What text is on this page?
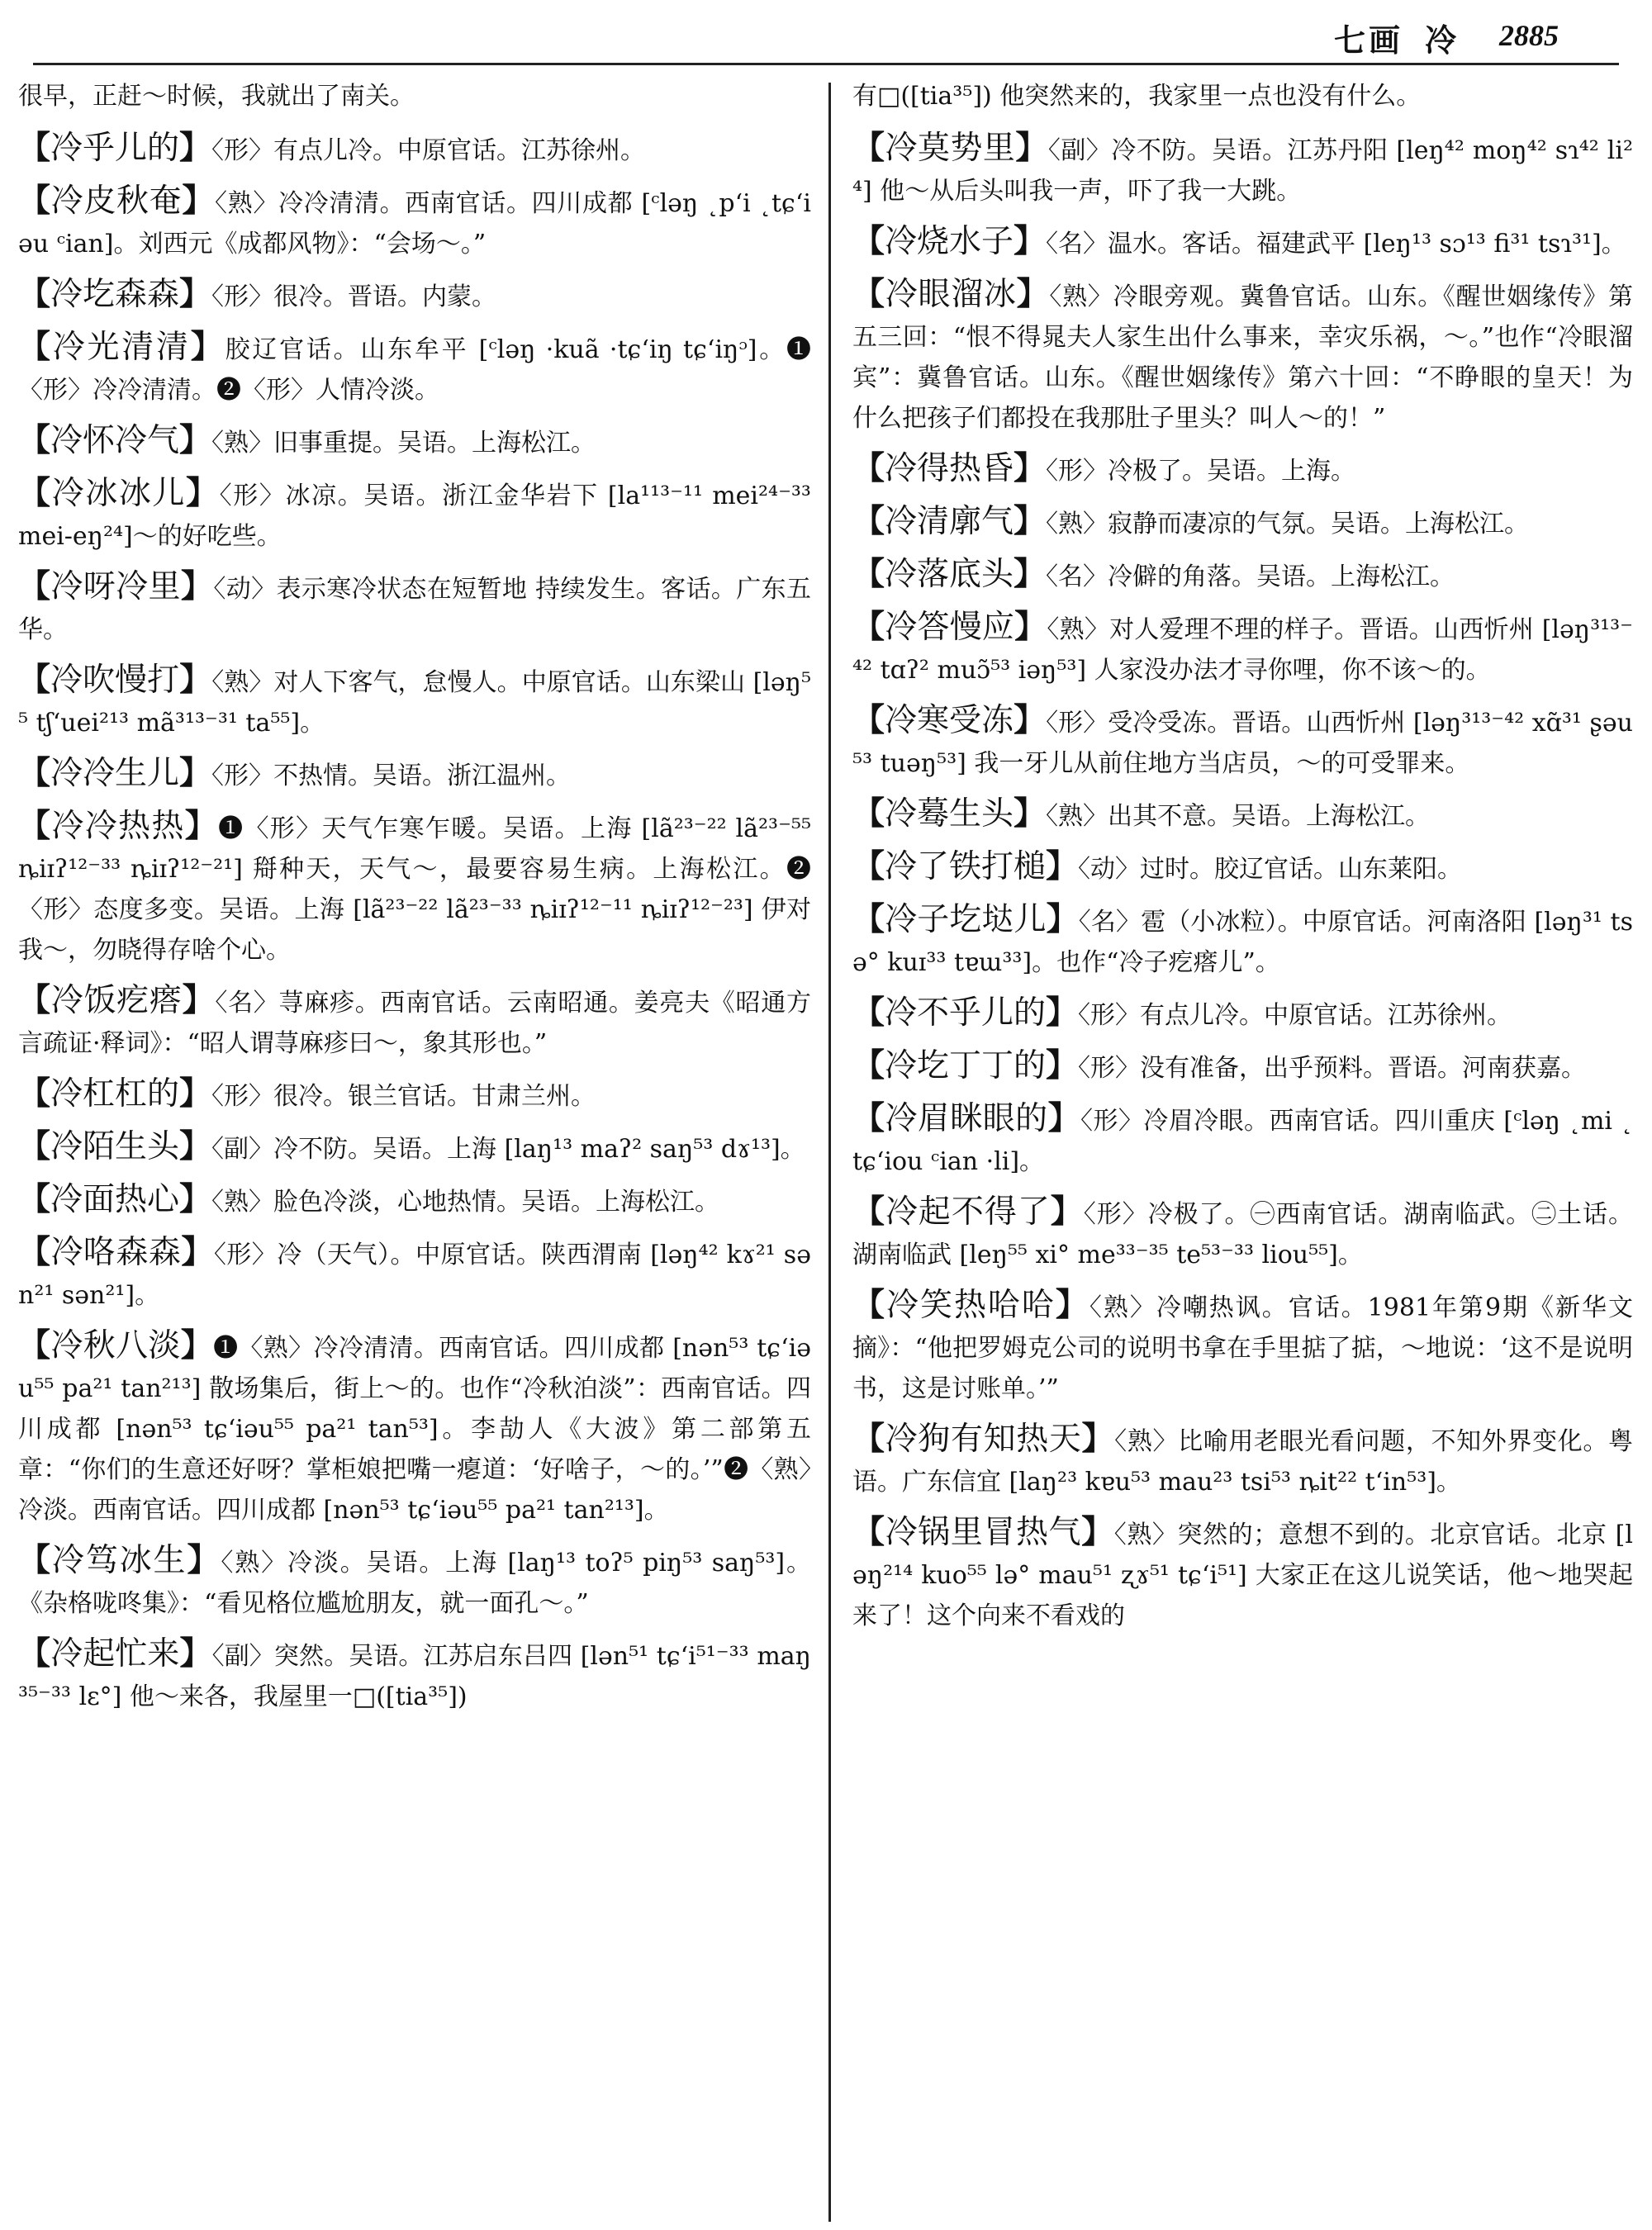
七画 冷 2885

很早，正赶～时候，我就出了南关。

【冷乎儿的】〈形〉有点儿冷。中原官话。江苏徐州。

【冷皮秋奄】〈熟〉冷冷清清。西南官话。四川成都 [ᶜləŋ ˛pʻi ˛tɕʻiəu ᶜian]。刘西元《成都风物》：“会场～。”

【冷圪森森】〈形〉很冷。晋语。内蒙。

【冷光清清】胶辽官话。山东牟平 [ᶜləŋ ·kuã ·tɕʻiŋ tɕʻiŋᵓ]。❶〈形〉冷冷清清。❷〈形〉人情冷淡。

【冷怀冷气】〈熟〉旧事重提。吴语。上海松江。

【冷冰冰儿】〈形〉冰凉。吴语。浙江金华岩下 [la¹¹³⁻¹¹ mei²⁴⁻³³ mei-eŋ²⁴]～的好吃些。

【冷呀冷里】〈动〉表示寒冷状态在短暂地 持续发生。客话。广东五华。

【冷吹慢打】〈熟〉对人下客气，怠慢人。中原官话。山东梁山 [ləŋ⁵⁵ tʃʻuei²¹³ mã³¹³⁻³¹ ta⁵⁵]。

【冷冷生儿】〈形〉不热情。吴语。浙江温州。

【冷冷热热】❶〈形〉天气乍寒乍暖。吴语。上海 [lã²³⁻²² lã²³⁻⁵⁵ ȵiɪʔ¹²⁻³³ ȵiɪʔ¹²⁻²¹] 搿种天，天气～，最要容易生病。上海松江。❷〈形〉态度多变。吴语。上海 [lã²³⁻²² lã²³⁻³³ ȵiɪʔ¹²⁻¹¹ ȵiɪʔ¹²⁻²³] 伊对我～，勿晓得存啥个心。

【冷饭疙瘩】〈名〉荨麻疹。西南官话。云南昭通。姜亮夫《昭通方言疏证·释词》：“昭人谓荨麻疹曰～，象其形也。”

【冷杠杠的】〈形〉很冷。银兰官话。甘肃兰州。

【冷陌生头】〈副〉冷不防。吴语。上海 [laŋ¹³ maʔ² saŋ⁵³ dɤ¹³]。

【冷面热心】〈熟〉脸色冷淡，心地热情。吴语。上海松江。

【冷咯森森】〈形〉冷（天气）。中原官话。陕西渭南 [ləŋ⁴² kɤ²¹ sən²¹ sən²¹]。

【冷秋八淡】❶〈熟〉冷冷清清。西南官话。四川成都 [nən⁵³ tɕʻiəu⁵⁵ pa²¹ tan²¹³] 散场集后，街上～的。也作“冷秋泊淡”：西南官话。四川成都 [nən⁵³ tɕʻiəu⁵⁵ pa²¹ tan⁵³]。李劼人《大波》第二部第五章：“你们的生意还好呀？掌柜娘把嘴一瘪道：‘好啥子，～的。’”❷〈熟〉冷淡。西南官话。四川成都 [nən⁵³ tɕʻiəu⁵⁵ pa²¹ tan²¹³]。

【冷笃冰生】〈熟〉冷淡。吴语。上海 [laŋ¹³ toʔ⁵ piŋ⁵³ saŋ⁵³]。《杂格咙咚集》：“看见格位尴尬朋友，就一面孔～。”

【冷起忙来】〈副〉突然。吴语。江苏启东吕四 [lən⁵¹ tɕʻi⁵¹⁻³³ maŋ³⁵⁻³³ lɛ°] 他～来各，我屋里一□([tia³⁵])

有□([tia³⁵]) 他突然来的，我家里一点也没有什么。

【冷莫势里】〈副〉冷不防。吴语。江苏丹阳 [leŋ⁴² moŋ⁴² sɿ⁴² li²⁴] 他～从后头叫我一声，吓了我一大跳。

【冷烧水子】〈名〉温水。客话。福建武平 [leŋ¹³ sɔ¹³ fi³¹ tsɿ³¹]。

【冷眼溜冰】〈熟〉冷眼旁观。冀鲁官话。山东。《醒世姻缘传》第五三回：“恨不得晁夫人家生出什么事来，幸灾乐祸，～。”也作“冷眼溜宾”：冀鲁官话。山东。《醒世姻缘传》第六十回：“不睁眼的皇天！为什么把孩子们都投在我那肚子里头？叫人～的！”

【冷得热昏】〈形〉冷极了。吴语。上海。

【冷清廓气】〈熟〉寂静而凄凉的气氛。吴语。上海松江。

【冷落底头】〈名〉冷僻的角落。吴语。上海松江。

【冷答慢应】〈熟〉对人爱理不理的样子。晋语。山西忻州 [ləŋ³¹³⁻⁴² tɑʔ² muɔ̃⁵³ iəŋ⁵³] 人家没办法才寻你哩，你不该～的。

【冷寒受冻】〈形〉受冷受冻。晋语。山西忻州 [ləŋ³¹³⁻⁴² xɑ̃³¹ ʂəu⁵³ tuəŋ⁵³] 我一牙儿从前住地方当店员，～的可受罪来。

【冷蓦生头】〈熟〉出其不意。吴语。上海松江。

【冷了铁打槌】〈动〉过时。胶辽官话。山东莱阳。

【冷子圪垯儿】〈名〉雹（小冰粒）。中原官话。河南洛阳 [ləŋ³¹ tsə° kuɪ³³ tɐɯ³³]。也作“冷子疙瘩儿”。

【冷不乎儿的】〈形〉有点儿冷。中原官话。江苏徐州。

【冷圪丁丁的】〈形〉没有准备，出乎预料。晋语。河南获嘉。

【冷眉眯眼的】〈形〉冷眉冷眼。西南官话。四川重庆 [ᶜləŋ ˛mi ˛tɕʻiou ᶜian ·li]。

【冷起不得了】〈形〉冷极了。㊀西南官话。湖南临武。㊁土话。湖南临武 [leŋ⁵⁵ xi° me³³⁻³⁵ te⁵³⁻³³ liou⁵⁵]。

【冷笑热哈哈】〈熟〉冷嘲热讽。官话。1981年第9期《新华文摘》：“他把罗姆克公司的说明书拿在手里掂了掂，～地说：‘这不是说明书，这是讨账单。’”

【冷狗有知热天】〈熟〉比喻用老眼光看问题，不知外界变化。粤语。广东信宜 [laŋ²³ kɐu⁵³ mau²³ tsi⁵³ ȵit²² tʻin⁵³]。

【冷锅里冒热气】〈熟〉突然的；意想不到的。北京官话。北京 [ləŋ²¹⁴ kuo⁵⁵ lə° mau⁵¹ ʐɤ⁵¹ tɕʻi⁵¹] 大家正在这儿说笑话，他～地哭起来了！这个向来不看戏的
